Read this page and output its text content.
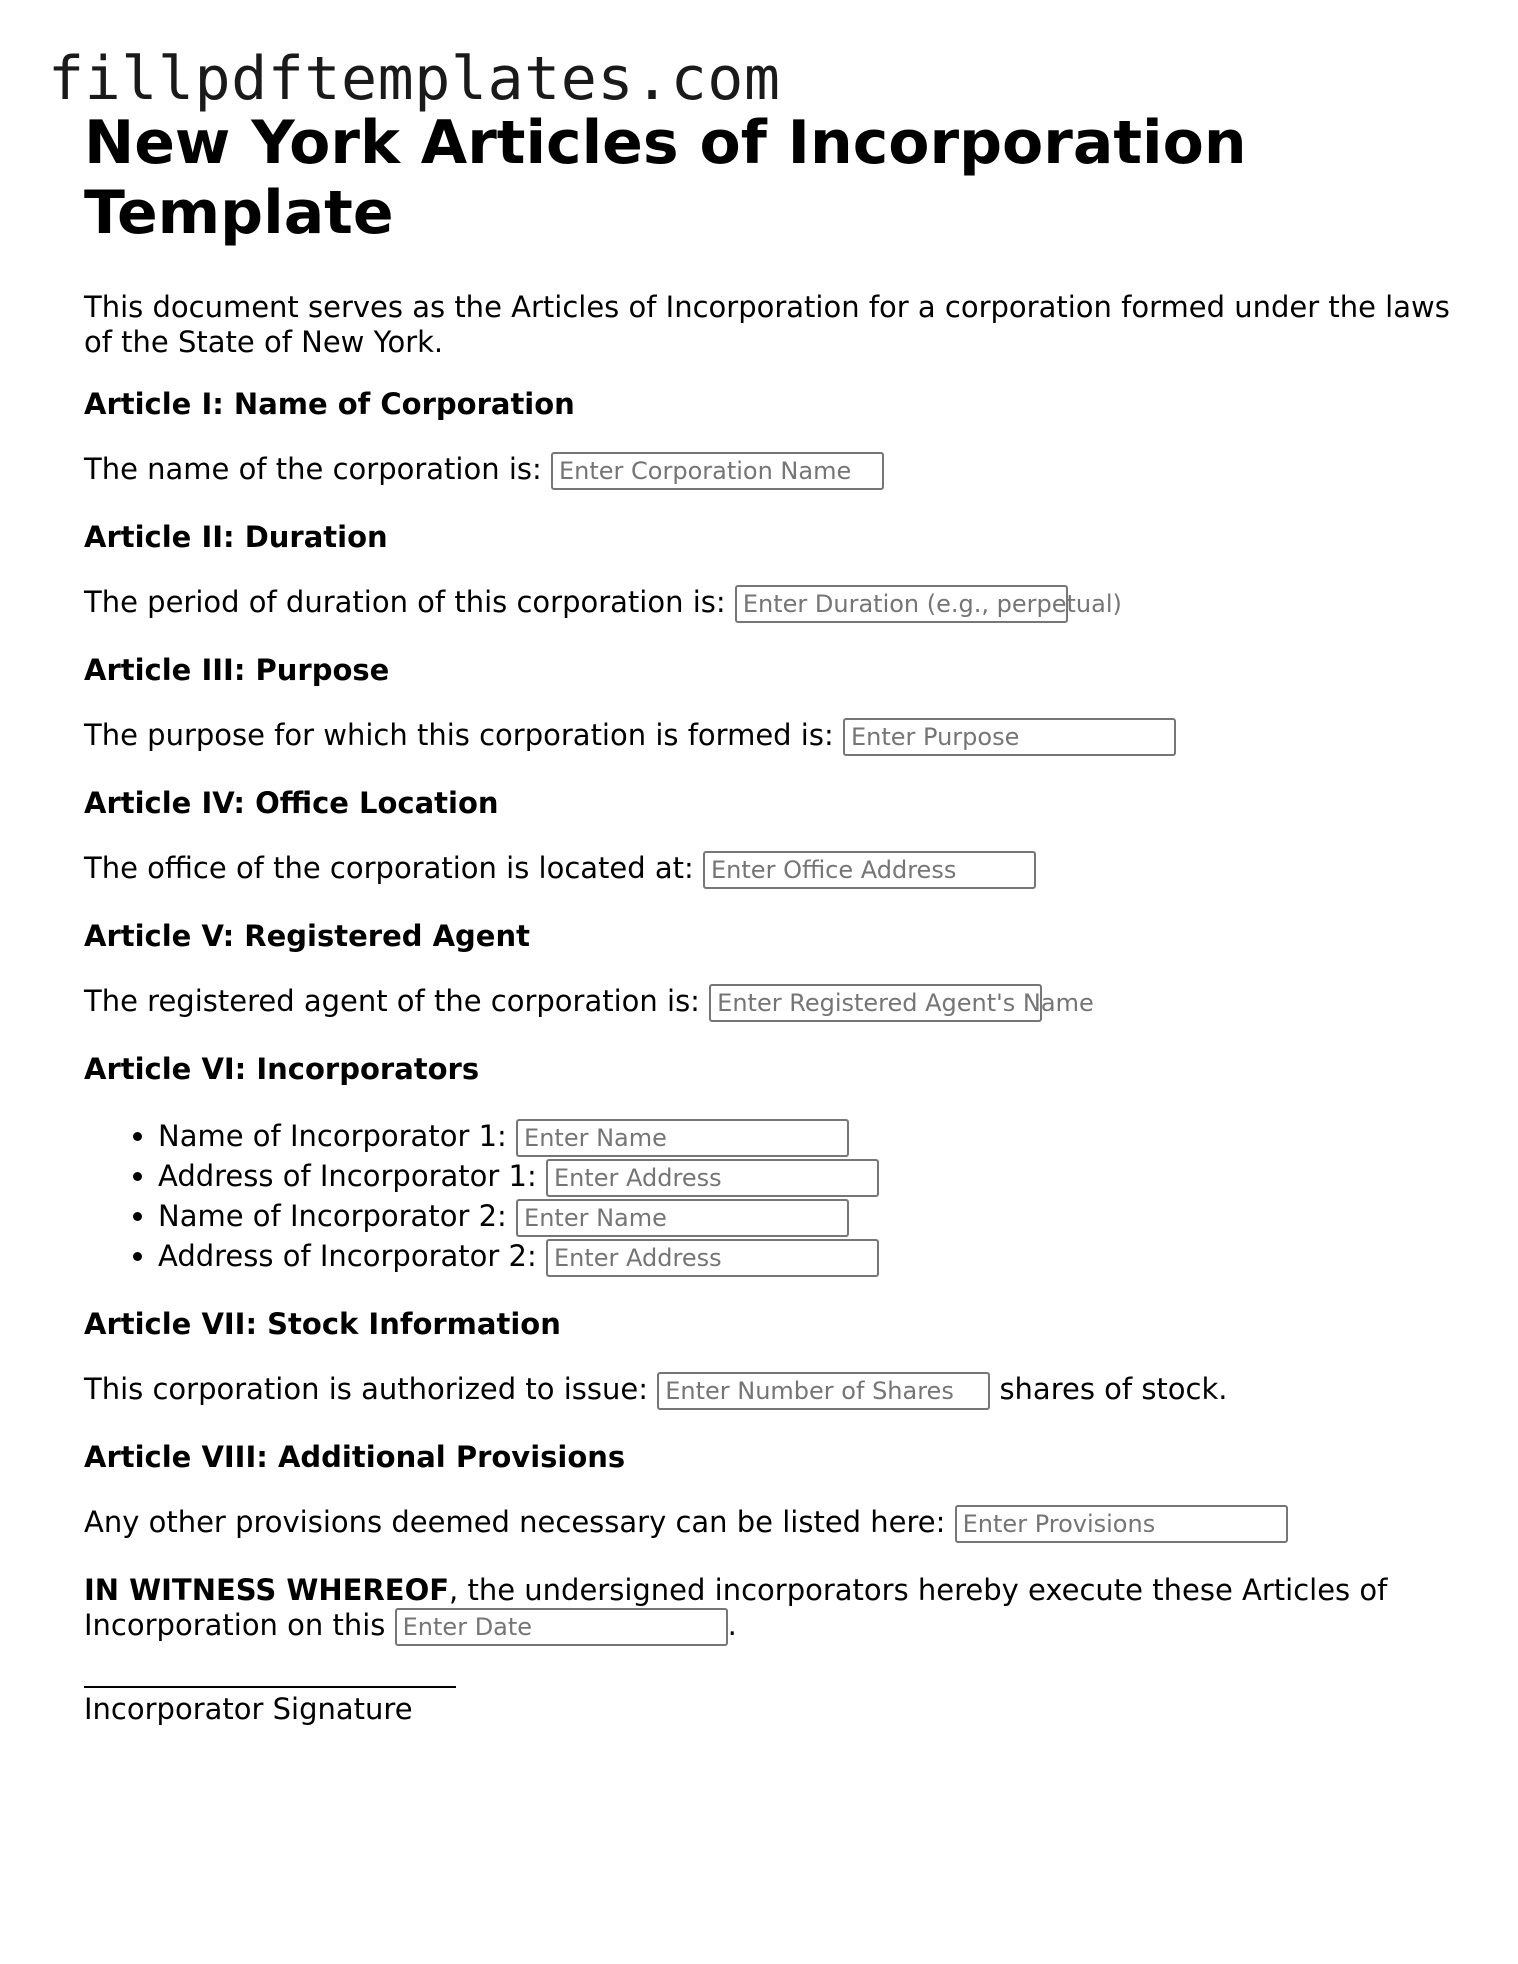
fillpdftemplates.com
New York Articles of Incorporation Template

This document serves as the Articles of Incorporation for a corporation formed under the laws of the State of New York.

Article I: Name of Corporation

The name of the corporation is: Enter Corporation Name

Article II: Duration

The period of duration of this corporation is: Enter Duration (e.g., perpetual)

Article III: Purpose

The purpose for which this corporation is formed is: Enter Purpose

Article IV: Office Location

The office of the corporation is located at: Enter Office Address

Article V: Registered Agent

The registered agent of the corporation is: Enter Registered Agent's Name

Article VI: Incorporators
• Name of Incorporator 1: Enter Name
• Address of Incorporator 1: Enter Address
• Name of Incorporator 2: Enter Name
• Address of Incorporator 2: Enter Address
Article VII: Stock Information

This corporation is authorized to issue: Enter Number of Shares shares of stock.

Article VIII: Additional Provisions

Any other provisions deemed necessary can be listed here: Enter Provisions

IN WITNESS WHEREOF, the undersigned incorporators hereby execute these Articles of Incorporation on this Enter Date	.

Incorporator Signature
